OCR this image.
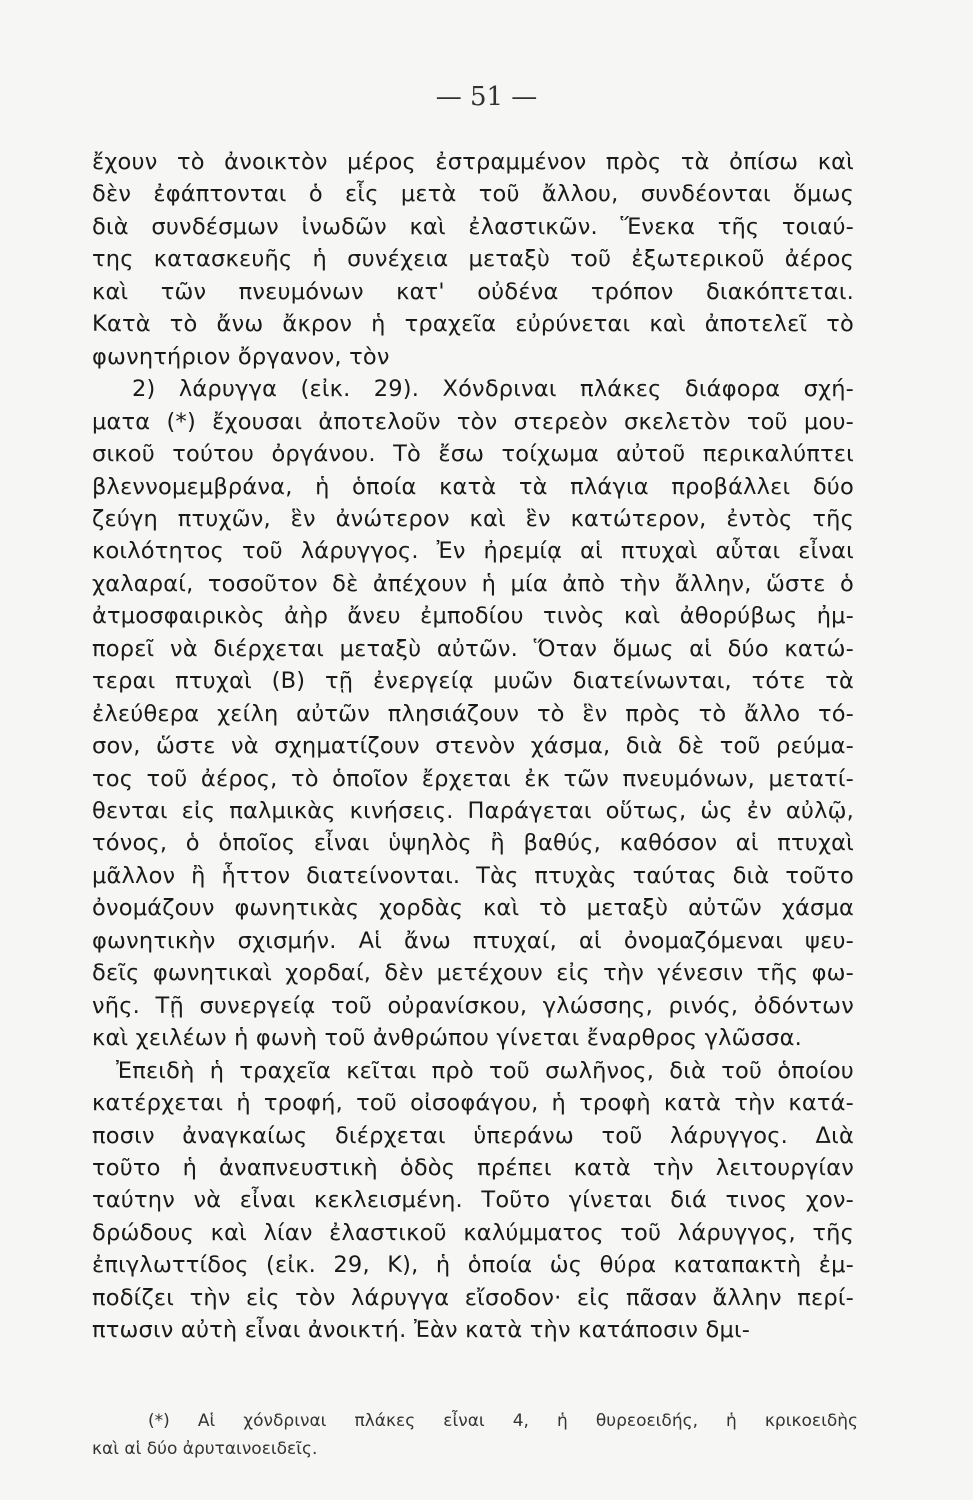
— 51 —
ἔχουν τὸ ἀνοικτὸν μέρος ἐστραμμένον πρὸς τὰ ὀπίσω καὶ
δὲν ἐφάπτονται ὁ εἷς μετὰ τοῦ ἄλλου, συνδέονται ὅμως
διὰ συνδέσμων ἰνωδῶν καὶ ἐλαστικῶν. Ἕνεκα τῆς τοιαύ-
της κατασκευῆς ἡ συνέχεια μεταξὺ τοῦ ἐξωτερικοῦ ἀέρος
καὶ τῶν πνευμόνων κατ' οὐδένα τρόπον διακόπτεται.
Κατὰ τὸ ἄνω ἄκρον ἡ τραχεῖα εὐρύνεται καὶ ἀποτελεῖ τὸ
φωνητήριον ὄργανον, τὸν
2) λάρυγγα (εἰκ. 29). Χόνδριναι πλάκες διάφορα σχή-
ματα (*) ἔχουσαι ἀποτελοῦν τὸν στερεὸν σκελετὸν τοῦ μου-
σικοῦ τούτου ὀργάνου. Τὸ ἔσω τοίχωμα αὐτοῦ περικαλύπτει
βλεννομεμβράνα, ἡ ὁποία κατὰ τὰ πλάγια προβάλλει δύο
ζεύγη πτυχῶν, ἓν ἀνώτερον καὶ ἓν κατώτερον, ἐντὸς τῆς
κοιλότητος τοῦ λάρυγγος. Ἐν ἠρεμίᾳ αἱ πτυχαὶ αὗται εἶναι
χαλαραί, τοσοῦτον δὲ ἀπέχουν ἡ μία ἀπὸ τὴν ἄλλην, ὥστε ὁ
ἀτμοσφαιρικὸς ἀὴρ ἄνευ ἐμποδίου τινὸς καὶ ἀθορύβως ἠμ-
πορεῖ νὰ διέρχεται μεταξὺ αὐτῶν. Ὅταν ὅμως αἱ δύο κατώ-
τεραι πτυχαὶ (Β) τῇ ἐνεργείᾳ μυῶν διατείνωνται, τότε τὰ
ἐλεύθερα χείλη αὐτῶν πλησιάζουν τὸ ἓν πρὸς τὸ ἄλλο τό-
σον, ὥστε νὰ σχηματίζουν στενὸν χάσμα, διὰ δὲ τοῦ ρεύμα-
τος τοῦ ἀέρος, τὸ ὁποῖον ἔρχεται ἐκ τῶν πνευμόνων, μετατί-
θενται εἰς παλμικὰς κινήσεις. Παράγεται οὕτως, ὡς ἐν αὐλῷ,
τόνος, ὁ ὁποῖος εἶναι ὑψηλὸς ἢ βαθύς, καθόσον αἱ πτυχαὶ
μᾶλλον ἢ ἧττον διατείνονται. Τὰς πτυχὰς ταύτας διὰ τοῦτο
ὀνομάζουν φωνητικὰς χορδὰς καὶ τὸ μεταξὺ αὐτῶν χάσμα
φωνητικὴν σχισμήν. Αἱ ἄνω πτυχαί, αἱ ὀνομαζόμεναι ψευ-
δεῖς φωνητικαὶ χορδαί, δὲν μετέχουν εἰς τὴν γένεσιν τῆς φω-
νῆς. Τῇ συνεργείᾳ τοῦ οὐρανίσκου, γλώσσης, ρινός, ὀδόντων
καὶ χειλέων ἡ φωνὴ τοῦ ἀνθρώπου γίνεται ἔναρθρος γλῶσσα.
Ἐπειδὴ ἡ τραχεῖα κεῖται πρὸ τοῦ σωλῆνος, διὰ τοῦ ὁποίου
κατέρχεται ἡ τροφή, τοῦ οἰσοφάγου, ἡ τροφὴ κατὰ τὴν κατά-
ποσιν ἀναγκαίως διέρχεται ὑπεράνω τοῦ λάρυγγος. Διὰ
τοῦτο ἡ ἀναπνευστικὴ ὁδὸς πρέπει κατὰ τὴν λειτουργίαν
ταύτην νὰ εἶναι κεκλεισμένη. Τοῦτο γίνεται διά τινος χον-
δρώδους καὶ λίαν ἐλαστικοῦ καλύμματος τοῦ λάρυγγος, τῆς
ἐπιγλωττίδος (εἰκ. 29, Κ), ἡ ὁποία ὡς θύρα καταπακτὴ ἐμ-
ποδίζει τὴν εἰς τὸν λάρυγγα εἴσοδον· εἰς πᾶσαν ἄλλην περί-
πτωσιν αὐτὴ εἶναι ἀνοικτή. Ἐὰν κατὰ τὴν κατάποσιν δμι-
(*) Αἱ χόνδριναι πλάκες εἶναι 4, ἡ θυρεοειδής, ἡ κρικοειδὴς
καὶ αἱ δύο ἀρυταινοειδεῖς.
